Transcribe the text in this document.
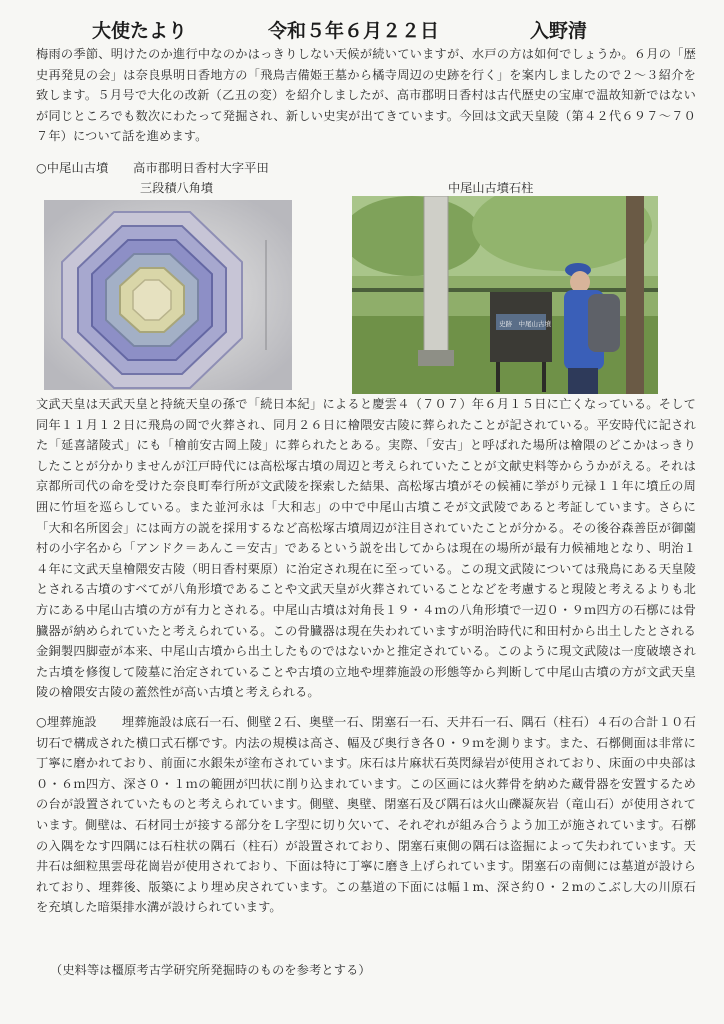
大使たより	令和５年６月２２日	入野清

梅雨の季節、明けたのか進行中なのかはっきりしない天候が続いていますが、水戸の方は如何でしょうか。６月の「歴史再発見の会」は奈良県明日香地方の「飛鳥吉備姫王墓から橘寺周辺の史跡を行く」を案内しましたので２～３紹介を致します。５月号で大化の改新（乙丑の変）を紹介しましたが、高市郡明日香村は古代歴史の宝庫で温故知新ではないが同じところでも数次にわたって発掘され、新しい史実が出てきています。今回は文武天皇陵（第４２代６９７～７０７年）について話を進めます。

○中尾山古墳　　高市郡明日香村大字平田

三段積八角墳	中尾山古墳石柱
史跡　中尾山古墳

文武天皇は天武天皇と持統天皇の孫で「続日本紀」によると慶雲４（７０７）年６月１５日に亡くなっている。そして同年１１月１２日に飛鳥の岡で火葬され、同月２６日に檜隈安古陵に葬られたことが記されている。平安時代に記された「延喜諸陵式」にも「檜前安古岡上陵」に葬られたとある。実際、「安古」と呼ばれた場所は檜隈のどこかはっきりしたことが分かりませんが江戸時代には高松塚古墳の周辺と考えられていたことが文献史料等からうかがえる。それは京都所司代の命を受けた奈良町奉行所が文武陵を探索した結果、高松塚古墳がその候補に挙がり元禄１１年に墳丘の周囲に竹垣を巡らしている。また並河永は「大和志」の中で中尾山古墳こそが文武陵であると考証しています。さらに「大和名所図会」には両方の説を採用するなど高松塚古墳周辺が注目されていたことが分かる。その後谷森善臣が御薗村の小字名から「アンドク＝あんこ＝安古」であるという説を出してからは現在の場所が最有力候補地となり、明治１４年に文武天皇檜隈安古陵（明日香村栗原）に治定され現在に至っている。この現文武陵については飛鳥にある天皇陵とされる古墳のすべてが八角形墳であることや文武天皇が火葬されていることなどを考慮すると現陵と考えるよりも北方にある中尾山古墳の方が有力とされる。中尾山古墳は対角長１９・４ｍの八角形墳で一辺０・９ｍ四方の石槨には骨臓器が納められていたと考えられている。この骨臓器は現在失われていますが明治時代に和田村から出土したとされる金銅製四脚壺が本来、中尾山古墳から出土したものではないかと推定されている。このように現文武陵は一度破壊された古墳を修復して陵墓に治定されていることや古墳の立地や埋葬施設の形態等から判断して中尾山古墳の方が文武天皇陵の檜隈安古陵の蓋然性が高い古墳と考えられる。

○埋葬施設　　埋葬施設は底石一石、側壁２石、奥壁一石、閉塞石一石、天井石一石、隅石（柱石）４石の合計１０石切石で構成された横口式石槨です。内法の規模は高さ、幅及び奥行き各０・９ｍを測ります。また、石槨側面は非常に丁寧に磨かれており、前面に水銀朱が塗布されています。床石は片麻状石英閃緑岩が使用されており、床面の中央部は０・６ｍ四方、深さ０・１ｍの範囲が凹状に削り込まれています。この区画には火葬骨を納めた蔵骨器を安置するための台が設置されていたものと考えられています。側壁、奥壁、閉塞石及び隅石は火山礫凝灰岩（竜山石）が使用されています。側壁は、石材同士が接する部分をＬ字型に切り欠いて、それぞれが組み合うよう加工が施されています。石槨の入隅をなす四隅には石柱状の隅石（柱石）が設置されており、閉塞石東側の隅石は盗掘によって失われています。天井石は細粒黒雲母花崗岩が使用されており、下面は特に丁寧に磨き上げられています。閉塞石の南側には墓道が設けられており、埋葬後、版築により埋め戻されています。この墓道の下面には幅１m、深さ約０・２mのこぶし大の川原石を充填した暗渠排水溝が設けられています。

（史料等は橿原考古学研究所発掘時のものを参考とする）
